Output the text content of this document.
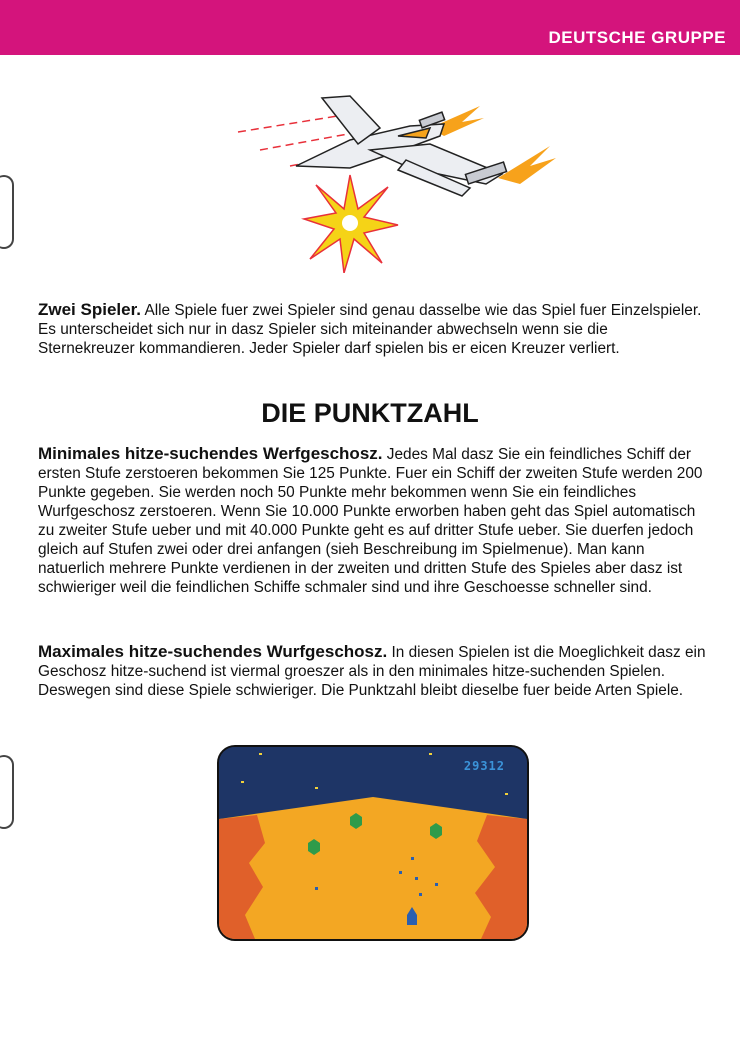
DEUTSCHE GRUPPE
Zwei Spieler. Alle Spiele fuer zwei Spieler sind genau dasselbe wie das Spiel fuer Einzelspieler. Es unterscheidet sich nur in dasz Spieler sich miteinander abwechseln wenn sie die Sternekreuzer kommandieren. Jeder Spieler darf spielen bis er eicen Kreuzer verliert.
DIE PUNKTZAHL
Minimales hitze-suchendes Werfgeschosz. Jedes Mal dasz Sie ein feindliches Schiff der ersten Stufe zerstoeren bekommen Sie 125 Punkte. Fuer ein Schiff der zweiten Stufe werden 200 Punkte gegeben. Sie werden noch 50 Punkte mehr bekommen wenn Sie ein feindliches Wurfgeschosz zerstoeren. Wenn Sie 10.000 Punkte erworben haben geht das Spiel automatisch zu zweiter Stufe ueber und mit 40.000 Punkte geht es auf dritter Stufe ueber. Sie duerfen jedoch gleich auf Stufen zwei oder drei anfangen (sieh Beschreibung im Spielmenue). Man kann natuerlich mehrere Punkte verdienen in der zweiten und dritten Stufe des Spieles aber dasz ist schwieriger weil die feindlichen Schiffe schmaler sind und ihre Geschoesse schneller sind.
Maximales hitze-suchendes Wurfgeschosz. In diesen Spielen ist die Moeglichkeit dasz ein Geschosz hitze-suchend ist viermal groeszer als in den minimales hitze-suchenden Spielen. Deswegen sind diese Spiele schwieriger. Die Punktzahl bleibt dieselbe fuer beide Arten Spiele.
29312
